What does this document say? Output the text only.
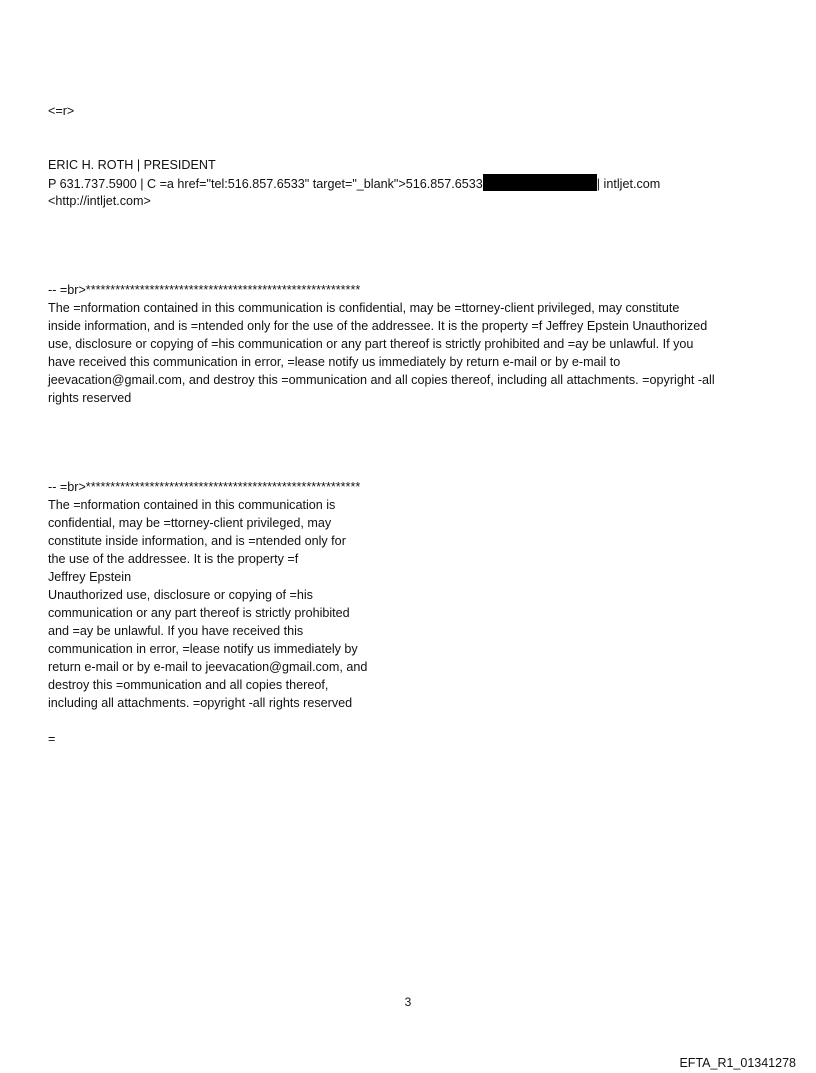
<=r>
ERIC H. ROTH | PRESIDENT
P 631.737.5900 | C =a href="tel:516.857.6533" target="_blank">516.857.6533	| intljet.com
<http://intljet.com>
-- =br>********************************************************
The =nformation contained in this communication is confidential, may be =ttorney-client privileged, may constitute
inside information, and is =ntended only for the use of the addressee. It is the property =f Jeffrey Epstein Unauthorized
use, disclosure or copying of =his communication or any part thereof is strictly prohibited and =ay be unlawful. If you
have received this communication in error, =lease notify us immediately by return e-mail or by e-mail to
jeevacation@gmail.com, and destroy this =ommunication and all copies thereof, including all attachments. =opyright -all
rights reserved
-- =br>********************************************************
The =nformation contained in this communication is
confidential, may be =ttorney-client privileged, may
constitute inside information, and is =ntended only for
the use of the addressee. It is the property =f
Jeffrey Epstein
Unauthorized use, disclosure or copying of =his
communication or any part thereof is strictly prohibited
and =ay be unlawful. If you have received this
communication in error, =lease notify us immediately by
return e-mail or by e-mail to jeevacation@gmail.com, and
destroy this =ommunication and all copies thereof,
including all attachments. =opyright -all rights reserved
=
3
EFTA_R1_01341278
